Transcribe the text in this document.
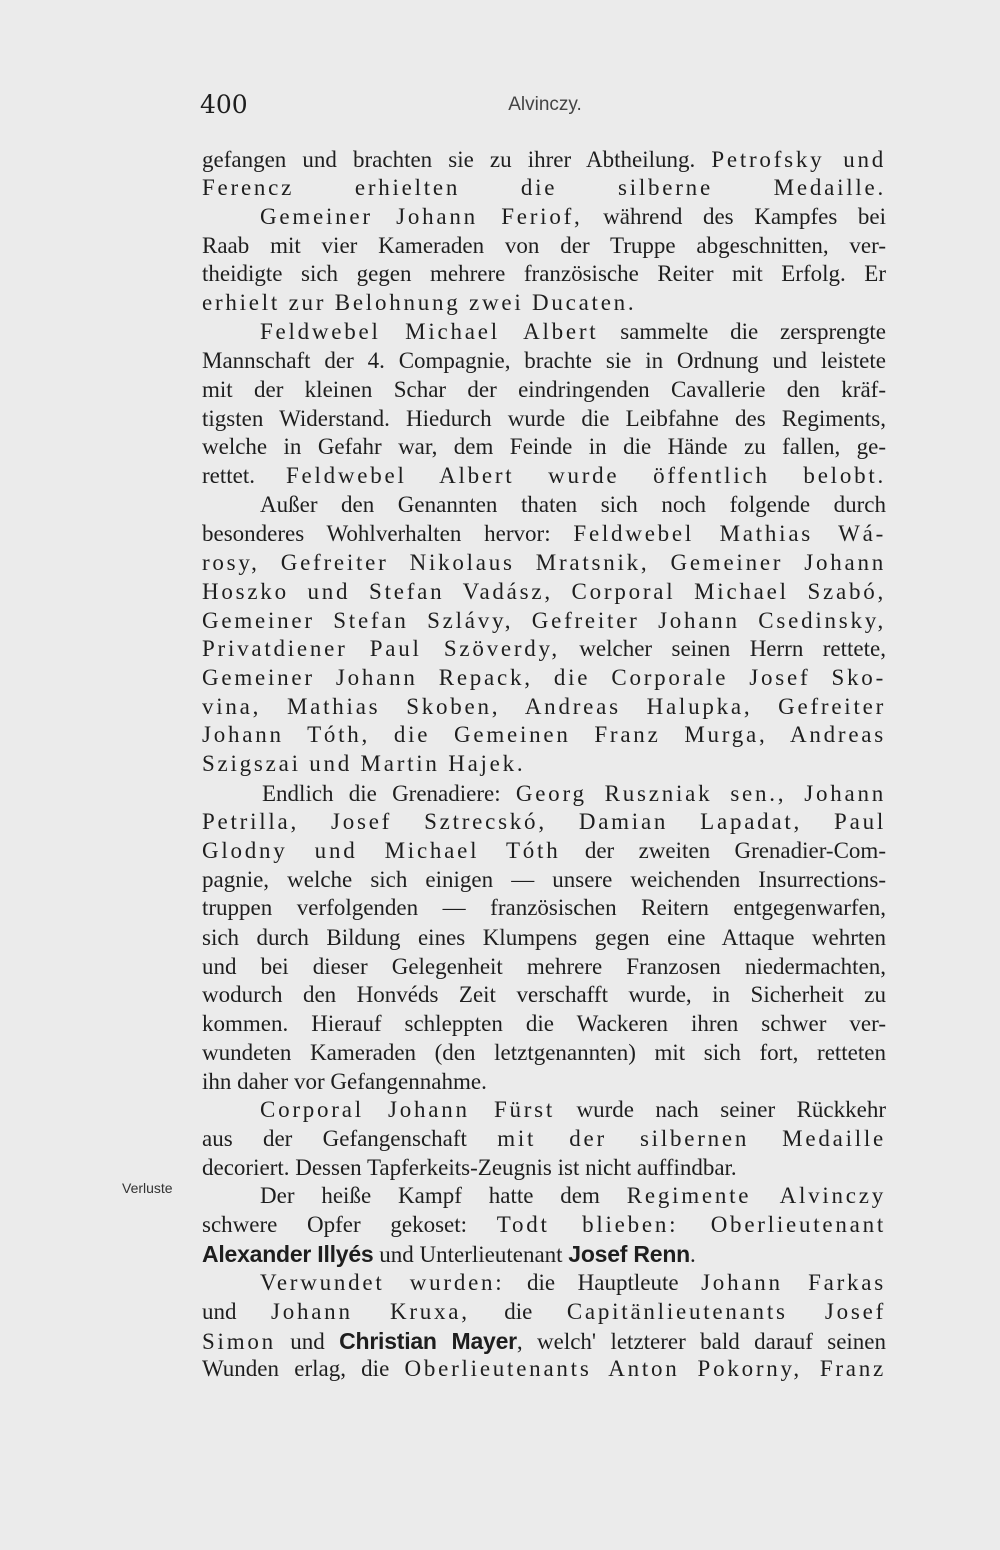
400	Alvinczy.
Verluste
gefangen und brachten sie zu ihrer Abtheilung. Petrofsky und
Ferencz erhielten die silberne Medaille.
Gemeiner Johann Feriof, während des Kampfes bei
Raab mit vier Kameraden von der Truppe abgeschnitten, ver-
theidigte sich gegen mehrere französische Reiter mit Erfolg. Er
erhielt zur Belohnung zwei Ducaten.
Feldwebel Michael Albert sammelte die zersprengte
Mannschaft der 4. Compagnie, brachte sie in Ordnung und leistete
mit der kleinen Schar der eindringenden Cavallerie den kräf-
tigsten Widerstand. Hiedurch wurde die Leibfahne des Regiments,
welche in Gefahr war, dem Feinde in die Hände zu fallen, ge-
rettet. Feldwebel Albert wurde öffentlich belobt.
Außer den Genannten thaten sich noch folgende durch
besonderes Wohlverhalten hervor: Feldwebel Mathias Wá-
rosy, Gefreiter Nikolaus Mratsnik, Gemeiner Johann
Hoszko und Stefan Vadász, Corporal Michael Szabó,
Gemeiner Stefan Szlávy, Gefreiter Johann Csedinsky,
Privatdiener Paul Szöverdy, welcher seinen Herrn rettete,
Gemeiner Johann Repack, die Corporale Josef Sko-
vina, Mathias Skoben, Andreas Halupka, Gefreiter
Johann Tóth, die Gemeinen Franz Murga, Andreas
Szigszai und Martin Hajek.
Endlich die Grenadiere: Georg Rusznіak sen., Johann
Petrilla, Josef Sztrecskó, Damian Lapadat, Paul
Glodny und Michael Tóth der zweiten Grenadier-Com-
pagnie, welche sich einigen — unsere weichenden Insurrections-
truppen verfolgenden — französischen Reitern entgegenwarfen,
sich durch Bildung eines Klumpens gegen eine Attaque wehrten
und bei dieser Gelegenheit mehrere Franzosen niedermachten,
wodurch den Honvéds Zeit verschafft wurde, in Sicherheit zu
kommen. Hierauf schleppten die Wackeren ihren schwer ver-
wundeten Kameraden (den letztgenannten) mit sich fort, retteten
ihn daher vor Gefangennahme.
Corporal Johann Fürst wurde nach seiner Rückkehr
aus der Gefangenschaft mit der silbernen Medaille
decoriert. Dessen Tapferkeits-Zeugnis ist nicht auffindbar.
Der heiße Kampf hatte dem Regimente Alvinczy
schwere Opfer gekoset: Todt blieben: Oberlieutenant
Alexander Illyés und Unterlieutenant Josef Renn.
Verwundet wurden: die Hauptleute Johann Farkas
und Johann Kruxa, die Capitänlieutenants Josef
Simon und Christian Mayer, welch' letzterer bald darauf seinen
Wunden erlag, die Oberlieutenants Anton Pokorny, Franz
